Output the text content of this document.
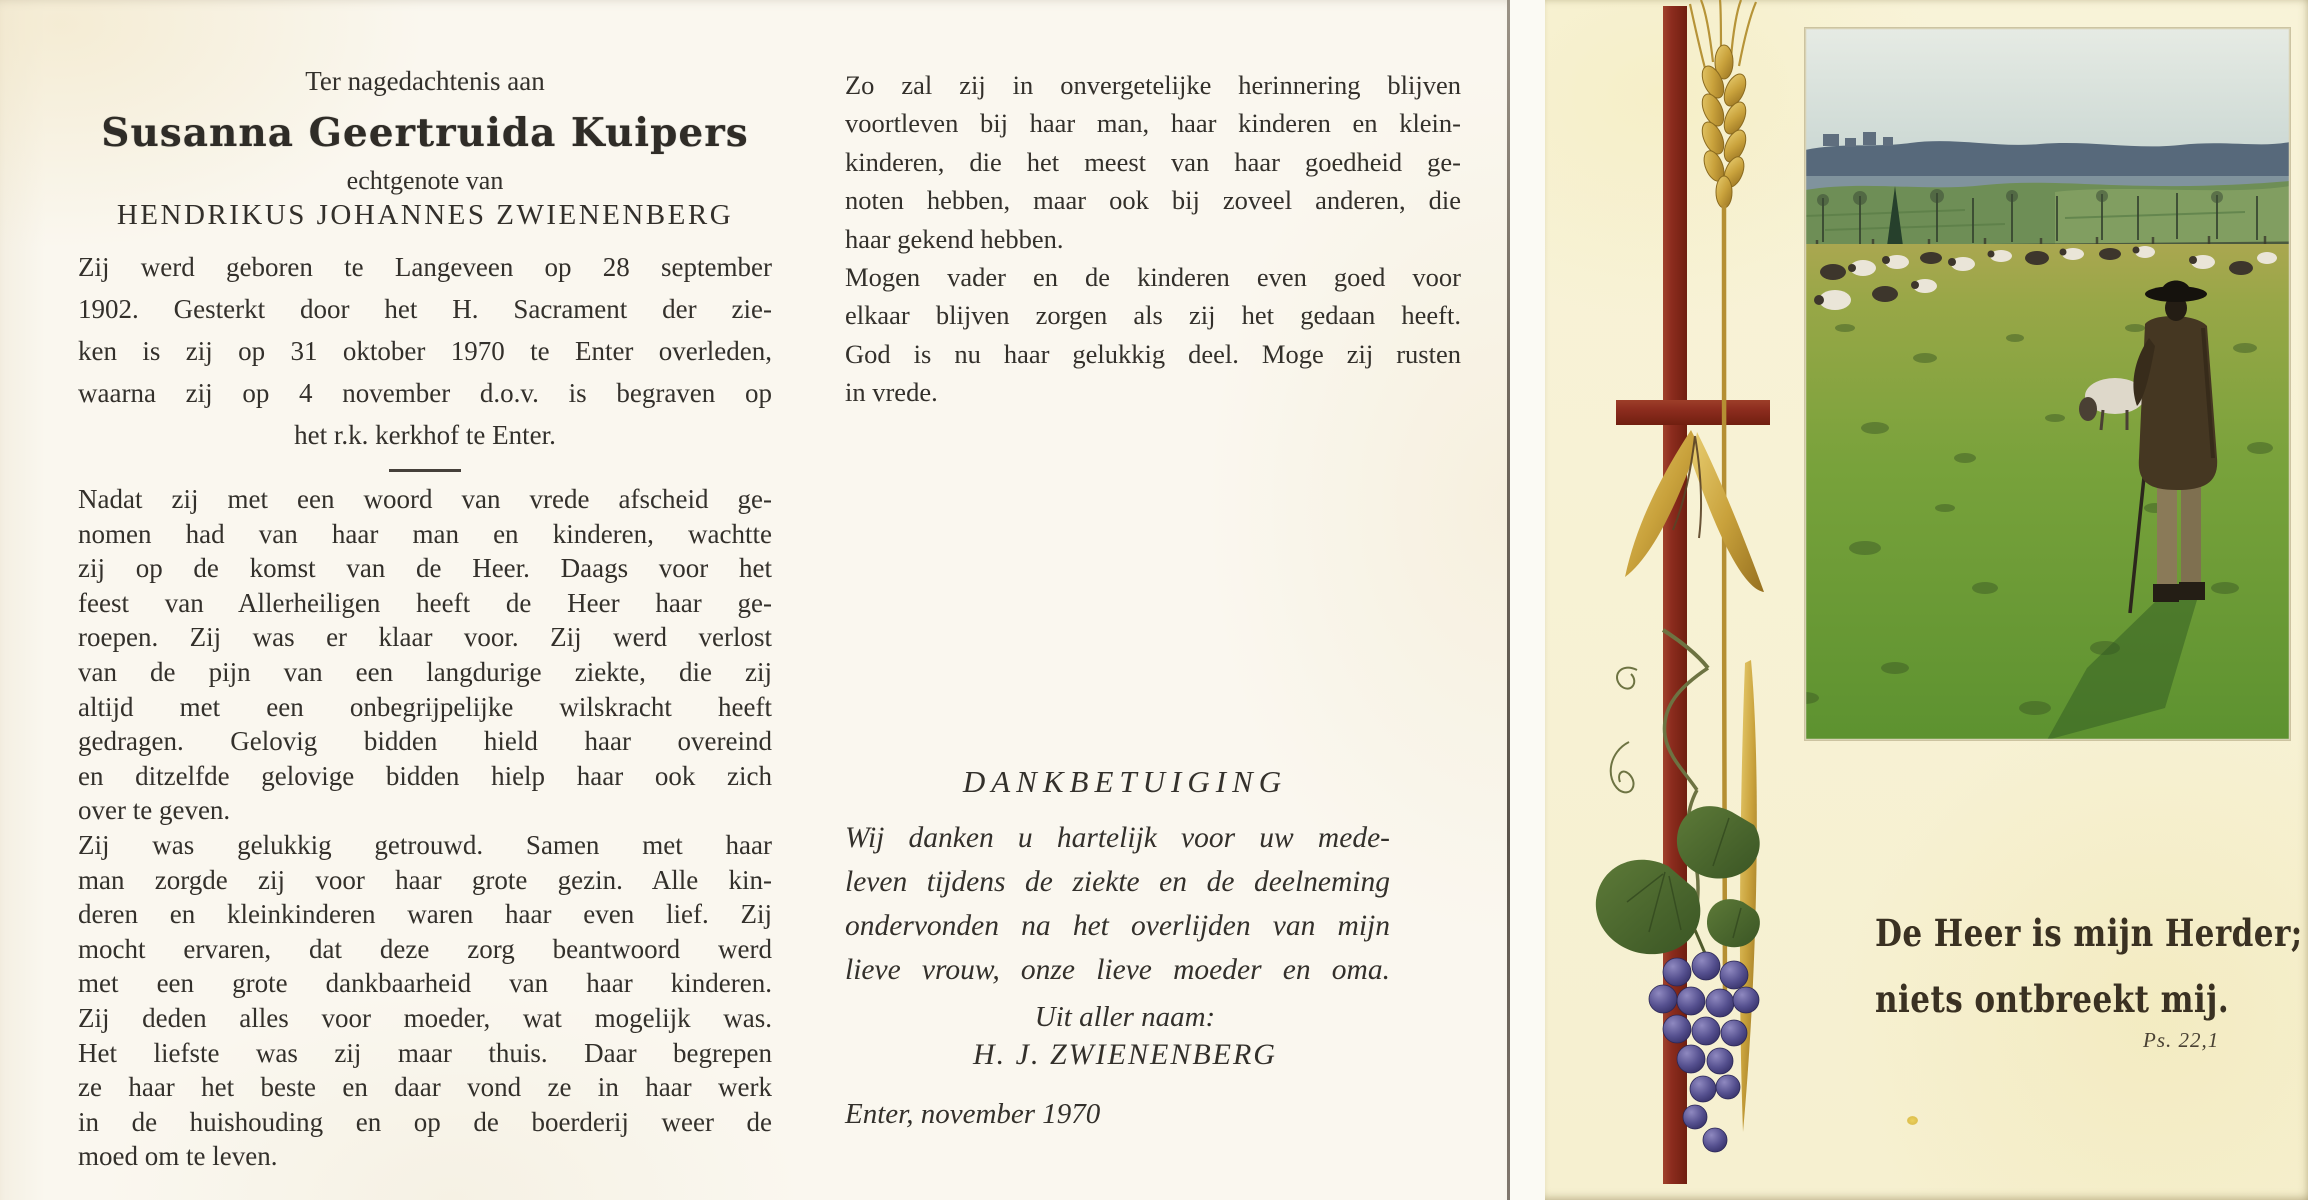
Ter nagedachtenis aan

Susanna Geertruida Kuipers

echtgenote van

HENDRIKUS JOHANNES ZWIENENBERG

Zij werd geboren te Langeveen op 28 september
1902. Gesterkt door het H. Sacrament der zie-
ken is zij op 31 oktober 1970 te Enter overleden,
waarna zij op 4 november d.o.v. is begraven op
het r.k. kerkhof te Enter.
Nadat zij met een woord van vrede afscheid ge-
nomen had van haar man en kinderen, wachtte
zij op de komst van de Heer. Daags voor het
feest van Allerheiligen heeft de Heer haar ge-
roepen. Zij was er klaar voor. Zij werd verlost
van de pijn van een langdurige ziekte, die zij
altijd met een onbegrijpelijke wilskracht heeft
gedragen. Gelovig bidden hield haar overeind
en ditzelfde gelovige bidden hielp haar ook zich
over te geven.
Zij was gelukkig getrouwd. Samen met haar
man zorgde zij voor haar grote gezin. Alle kin-
deren en kleinkinderen waren haar even lief. Zij
mocht ervaren, dat deze zorg beantwoord werd
met een grote dankbaarheid van haar kinderen.
Zij deden alles voor moeder, wat mogelijk was.
Het liefste was zij maar thuis. Daar begrepen
ze haar het beste en daar vond ze in haar werk
in de huishouding en op de boerderij weer de
moed om te leven.
Zo zal zij in onvergetelijke herinnering blijven
voortleven bij haar man, haar kinderen en klein-
kinderen, die het meest van haar goedheid ge-
noten hebben, maar ook bij zoveel anderen, die
haar gekend hebben.
Mogen vader en de kinderen even goed voor
elkaar blijven zorgen als zij het gedaan heeft.
God is nu haar gelukkig deel. Moge zij rusten
in vrede.
DANKBETUIGING
Wij danken u hartelijk voor uw mede-
leven tijdens de ziekte en de deelneming
ondervonden na het overlijden van mijn
lieve vrouw, onze lieve moeder en oma.

Uit aller naam:

H. J. ZWIENENBERG

Enter, november 1970

De Heer is mijn Herder;
niets ontbreekt mij.
Ps. 22,1
